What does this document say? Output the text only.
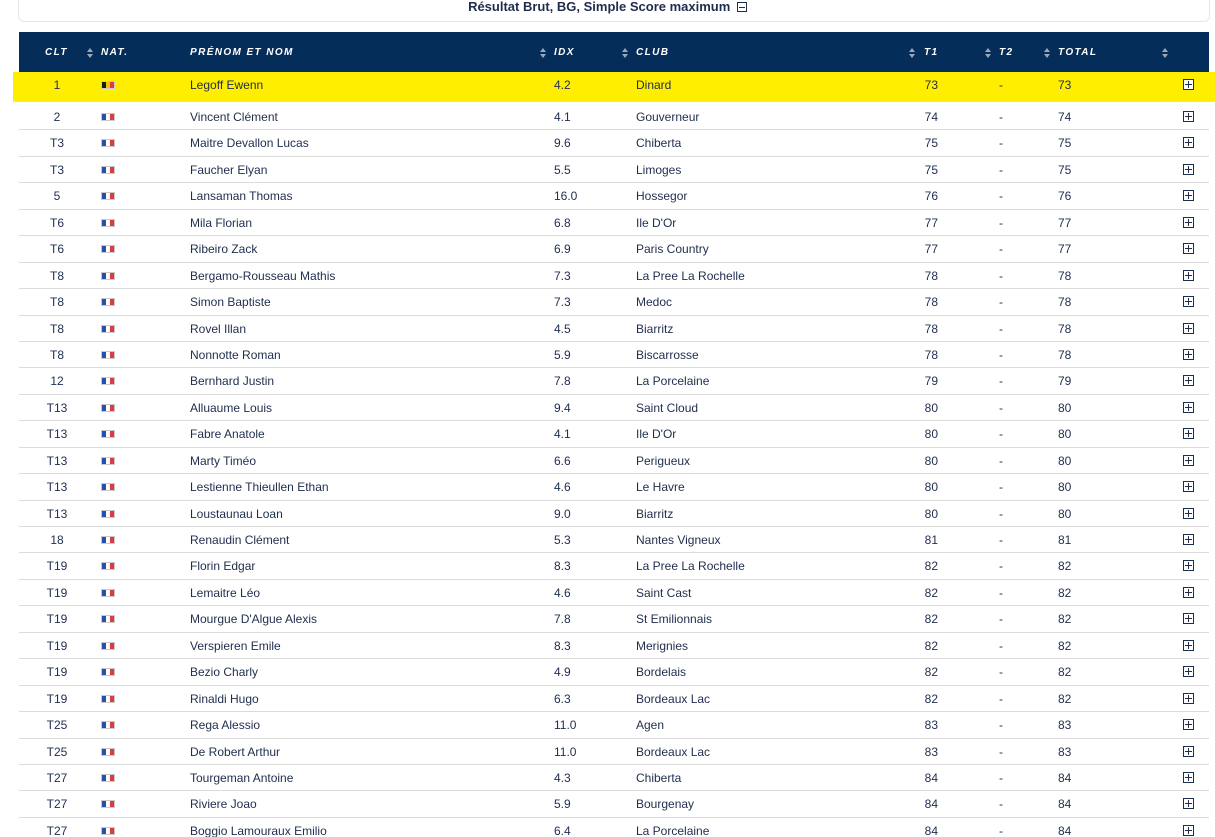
Résultat Brut, BG, Simple Score maximum
CLT	NAT.	PRÉNOM ET NOM	IDX	CLUB	T1	T2	TOTAL
1	Legoff Ewenn	4.2	Dinard	73	-	73
2	Vincent Clément	4.1	Gouverneur	74	-	74
T3	Maitre Devallon Lucas	9.6	Chiberta	75	-	75
T3	Faucher Elyan	5.5	Limoges	75	-	75
5	Lansaman Thomas	16.0	Hossegor	76	-	76
T6	Mila Florian	6.8	Ile D'Or	77	-	77
T6	Ribeiro Zack	6.9	Paris Country	77	-	77
T8	Bergamo-Rousseau Mathis	7.3	La Pree La Rochelle	78	-	78
T8	Simon Baptiste	7.3	Medoc	78	-	78
T8	Rovel Illan	4.5	Biarritz	78	-	78
T8	Nonnotte Roman	5.9	Biscarrosse	78	-	78
12	Bernhard Justin	7.8	La Porcelaine	79	-	79
T13	Alluaume Louis	9.4	Saint Cloud	80	-	80
T13	Fabre Anatole	4.1	Ile D'Or	80	-	80
T13	Marty Timéo	6.6	Perigueux	80	-	80
T13	Lestienne Thieullen Ethan	4.6	Le Havre	80	-	80
T13	Loustaunau Loan	9.0	Biarritz	80	-	80
18	Renaudin Clément	5.3	Nantes Vigneux	81	-	81
T19	Florin Edgar	8.3	La Pree La Rochelle	82	-	82
T19	Lemaitre Léo	4.6	Saint Cast	82	-	82
T19	Mourgue D'Algue Alexis	7.8	St Emilionnais	82	-	82
T19	Verspieren Emile	8.3	Merignies	82	-	82
T19	Bezio Charly	4.9	Bordelais	82	-	82
T19	Rinaldi Hugo	6.3	Bordeaux Lac	82	-	82
T25	Rega Alessio	11.0	Agen	83	-	83
T25	De Robert Arthur	11.0	Bordeaux Lac	83	-	83
T27	Tourgeman Antoine	4.3	Chiberta	84	-	84
T27	Riviere Joao	5.9	Bourgenay	84	-	84
T27	Boggio Lamouraux Emilio	6.4	La Porcelaine	84	-	84
